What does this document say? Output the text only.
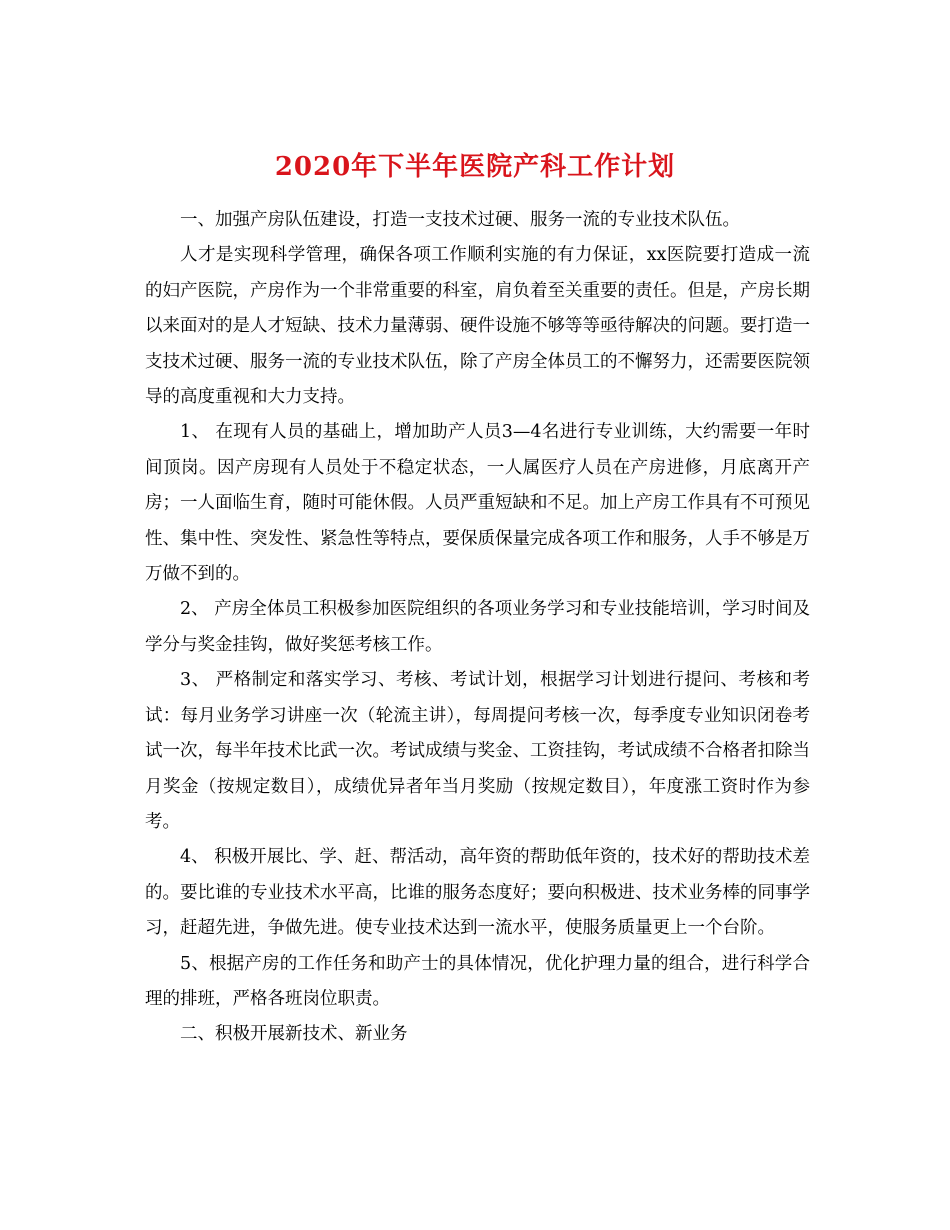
2020年下半年医院产科工作计划

一、加强产房队伍建设，打造一支技术过硬、服务一流的专业技术队伍。

人才是实现科学管理，确保各项工作顺利实施的有力保证，xx医院要打造成一流的妇产医院，产房作为一个非常重要的科室，肩负着至关重要的责任。但是，产房长期以来面对的是人才短缺、技术力量薄弱、硬件设施不够等等亟待解决的问题。要打造一支技术过硬、服务一流的专业技术队伍，除了产房全体员工的不懈努力，还需要医院领导的高度重视和大力支持。

1、 在现有人员的基础上，增加助产人员3—4名进行专业训练，大约需要一年时间顶岗。因产房现有人员处于不稳定状态，一人属医疗人员在产房进修，月底离开产房；一人面临生育，随时可能休假。人员严重短缺和不足。加上产房工作具有不可预见性、集中性、突发性、紧急性等特点，要保质保量完成各项工作和服务，人手不够是万万做不到的。

2、 产房全体员工积极参加医院组织的各项业务学习和专业技能培训，学习时间及学分与奖金挂钩，做好奖惩考核工作。

3、 严格制定和落实学习、考核、考试计划，根据学习计划进行提问、考核和考试：每月业务学习讲座一次（轮流主讲），每周提问考核一次，每季度专业知识闭卷考试一次，每半年技术比武一次。考试成绩与奖金、工资挂钩，考试成绩不合格者扣除当月奖金（按规定数目），成绩优异者年当月奖励（按规定数目），年度涨工资时作为参考。

4、 积极开展比、学、赶、帮活动，高年资的帮助低年资的，技术好的帮助技术差的。要比谁的专业技术水平高，比谁的服务态度好；要向积极进、技术业务棒的同事学习，赶超先进，争做先进。使专业技术达到一流水平，使服务质量更上一个台阶。

5、根据产房的工作任务和助产士的具体情况，优化护理力量的组合，进行科学合理的排班，严格各班岗位职责。

二、积极开展新技术、新业务
